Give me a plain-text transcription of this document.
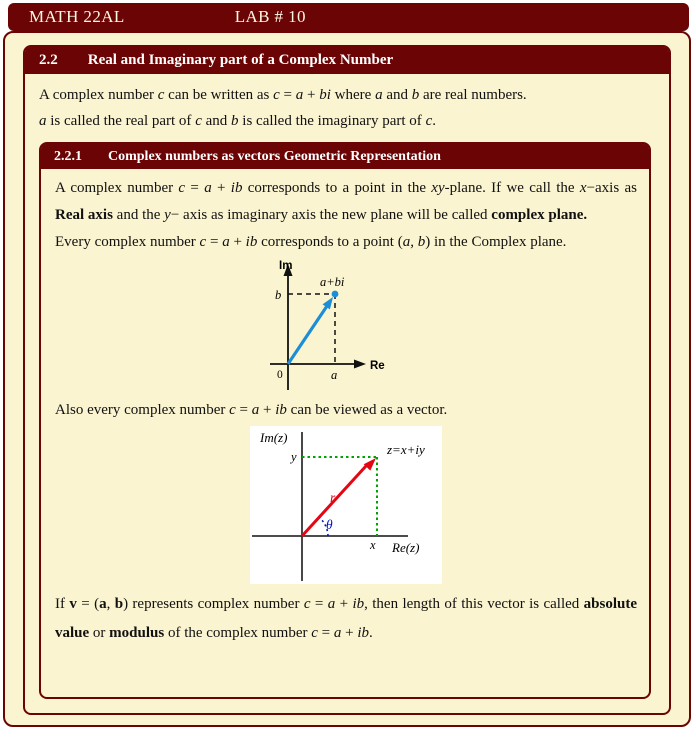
MATH 22AL	LAB # 10
2.2 Real and Imaginary part of a Complex Number
A complex number c can be written as c = a + bi where a and b are real numbers.
a is called the real part of c and b is called the imaginary part of c.
2.2.1 Complex numbers as vectors Geometric Representation
A complex number c = a + ib corresponds to a point in the xy-plane. If we call the x−axis as Real axis and the y− axis as imaginary axis the new plane will be called complex plane.
Every complex number c = a + ib corresponds to a point (a, b) in the Complex plane.
Im
Re
a+bi
b
0	a
Also every complex number c = a + ib can be viewed as a vector.
Im(z)
Re(z)
y
x
z=x+iy
r
θ
If v = (a, b) represents complex number c = a + ib, then length of this vector is called absolute value or modulus of the complex number c = a + ib.
